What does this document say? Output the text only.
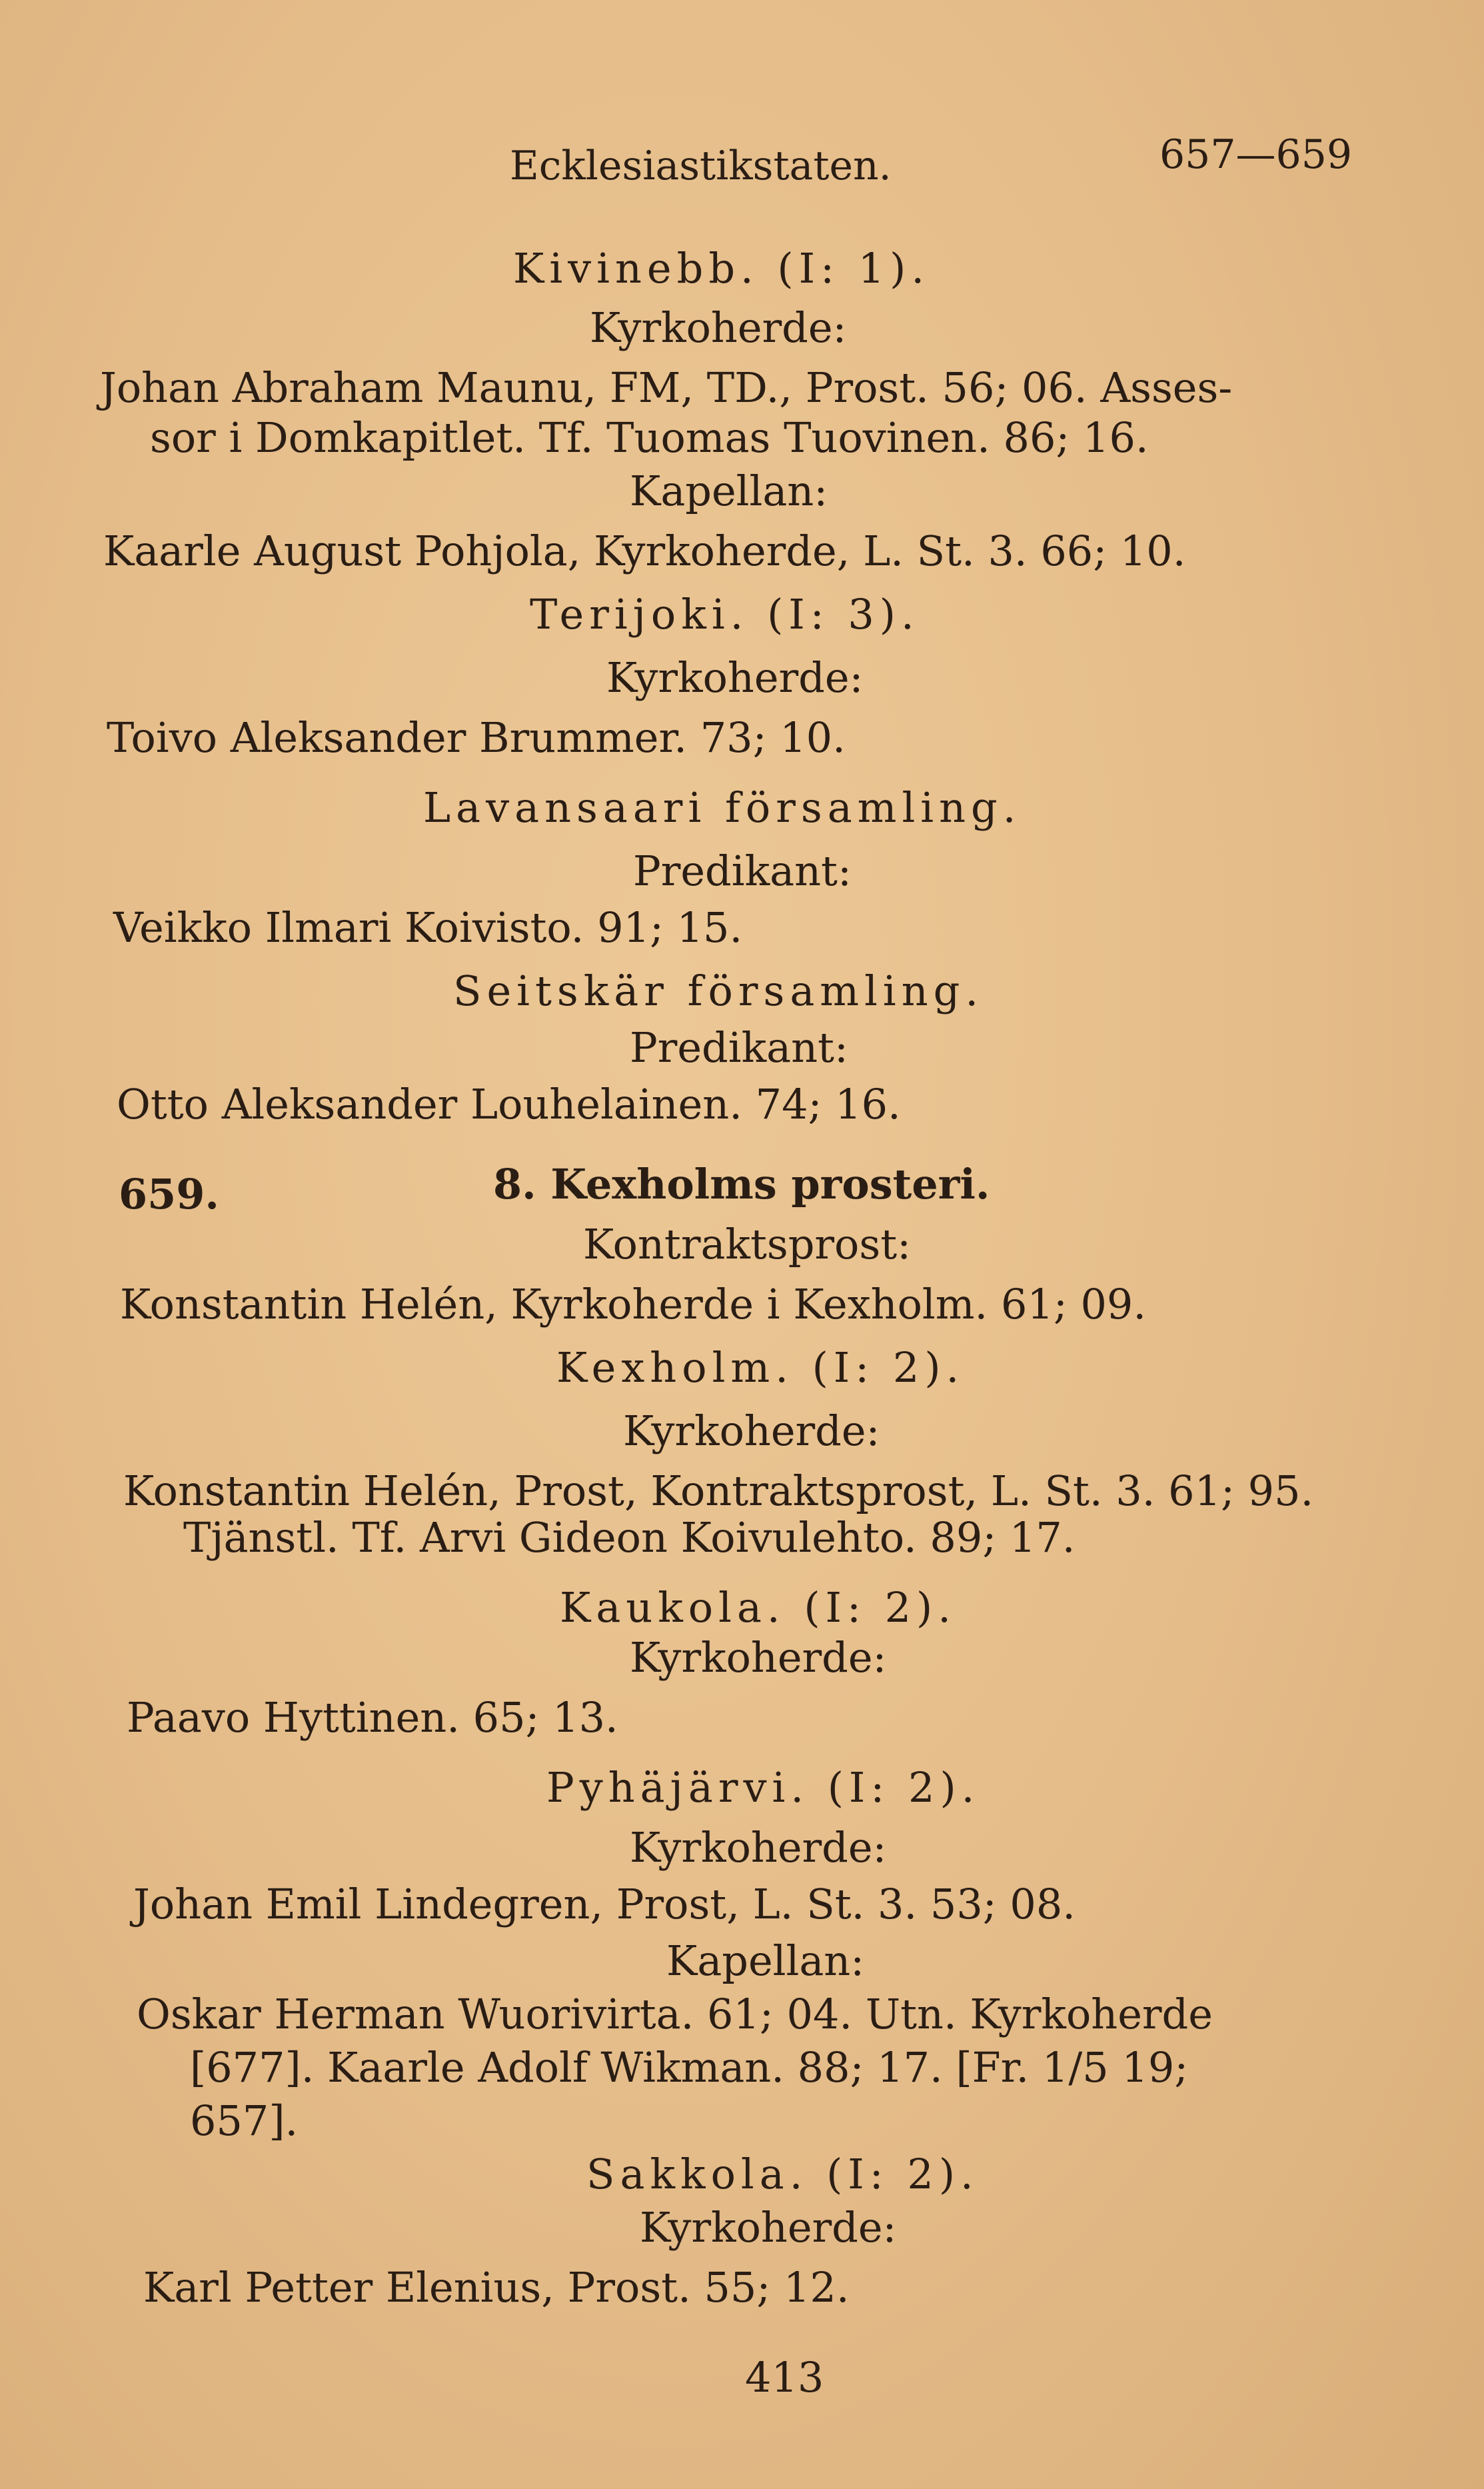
Ecklesiastikstaten.	657—659
Kivinebb. (I: 1).
Kyrkoherde:
Johan Abraham Maunu, FM, TD., Prost. 56; 06. Asses-
sor i Domkapitlet. Tf. Tuomas Tuovinen. 86; 16.
Kapellan:
Kaarle August Pohjola, Kyrkoherde, L. St. 3. 66; 10.
Terijoki. (I: 3).
Kyrkoherde:
Toivo Aleksander Brummer. 73; 10.
Lavansaari församling.
Predikant:
Veikko Ilmari Koivisto. 91; 15.
Seitskär församling.
Predikant:
Otto Aleksander Louhelainen. 74; 16.
659.	8. Kexholms prosteri.
Kontraktsprost:
Konstantin Helén, Kyrkoherde i Kexholm. 61; 09.
Kexholm. (I: 2).
Kyrkoherde:
Konstantin Helén, Prost, Kontraktsprost, L. St. 3. 61; 95.
Tjänstl. Tf. Arvi Gideon Koivulehto. 89; 17.
Kaukola. (I: 2).
Kyrkoherde:
Paavo Hyttinen. 65; 13.
Pyhäjärvi. (I: 2).
Kyrkoherde:
Johan Emil Lindegren, Prost, L. St. 3. 53; 08.
Kapellan:
Oskar Herman Wuorivirta. 61; 04. Utn. Kyrkoherde
[677]. Kaarle Adolf Wikman. 88; 17. [Fr. 1/5 19;
657].
Sakkola. (I: 2).
Kyrkoherde:
Karl Petter Elenius, Prost. 55; 12.
413
